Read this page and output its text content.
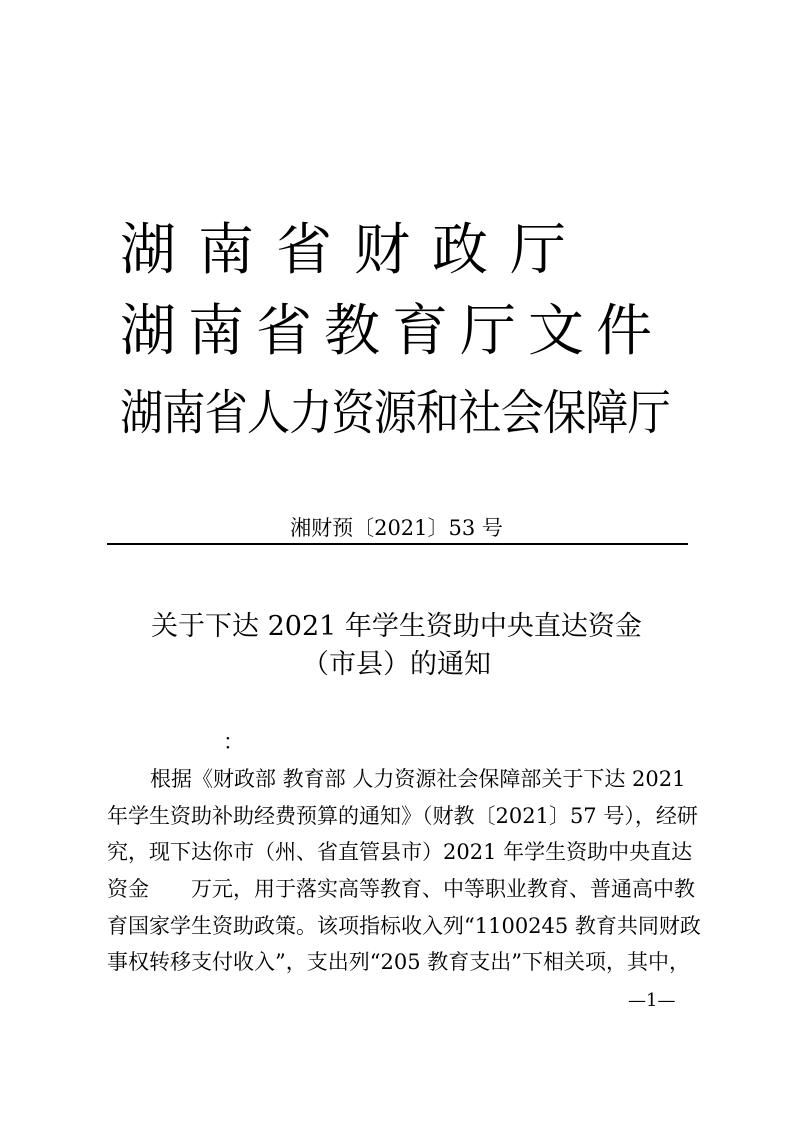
湖南省财政厅
湖南省教育厅文件
湖南省人力资源和社会保障厅
湘财预〔2021〕53 号
关于下达 2021 年学生资助中央直达资金
（市县）的通知
：
根据《财政部 教育部 人力资源社会保障部关于下达 2021
年学生资助补助经费预算的通知》（财教〔2021〕57 号），经研
究，现下达你市（州、省直管县市）2021 年学生资助中央直达
资金　　万元，用于落实高等教育、中等职业教育、普通高中教
育国家学生资助政策。该项指标收入列“1100245 教育共同财政
事权转移支付收入”，支出列“205 教育支出”下相关项，其中，
—1—
